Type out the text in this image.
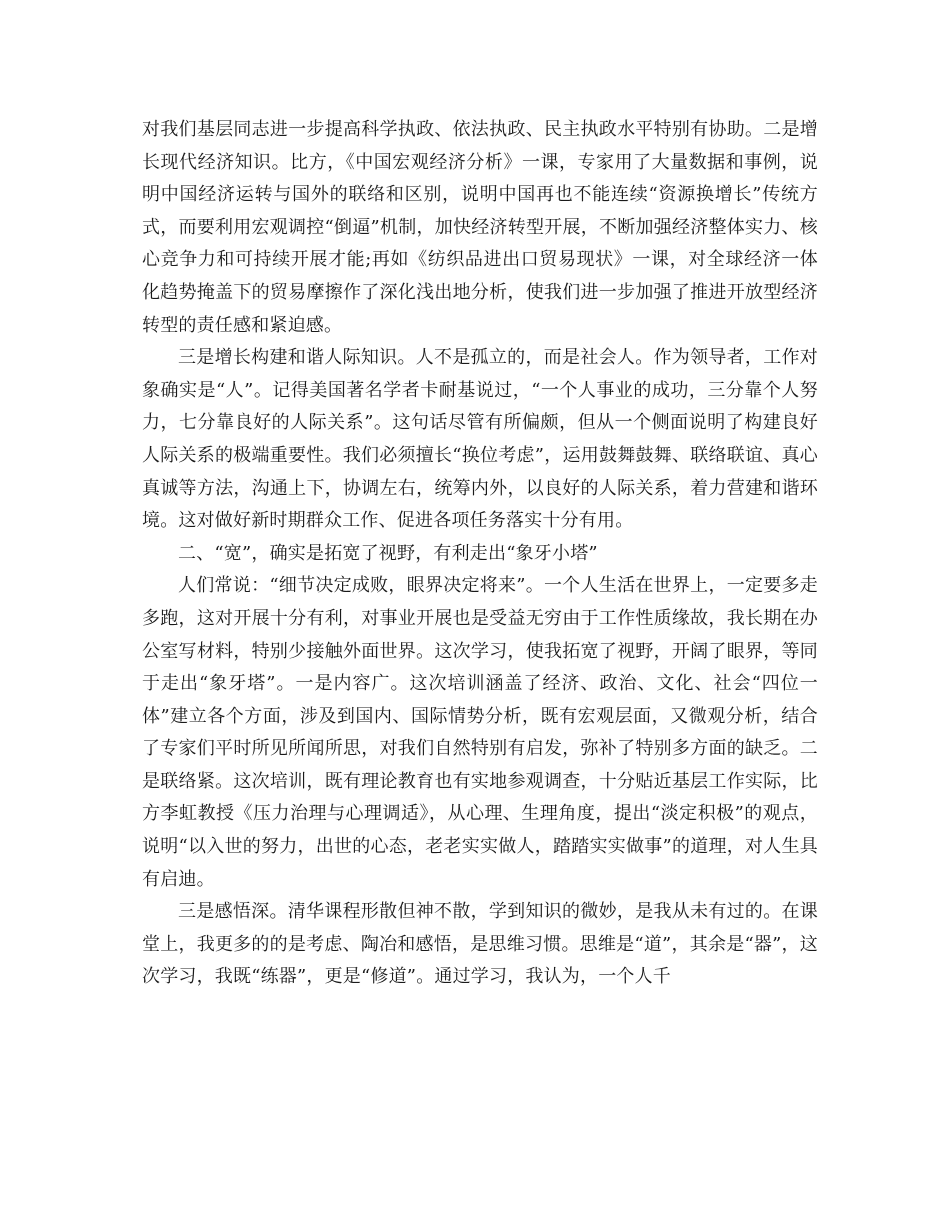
对我们基层同志进一步提高科学执政、依法执政、民主执政水平特别有协助。二是增长现代经济知识。比方，《中国宏观经济分析》一课，专家用了大量数据和事例，说明中国经济运转与国外的联络和区别，说明中国再也不能连续“资源换增长”传统方式，而要利用宏观调控“倒逼”机制，加快经济转型开展，不断加强经济整体实力、核心竞争力和可持续开展才能;再如《纺织品进出口贸易现状》一课，对全球经济一体化趋势掩盖下的贸易摩擦作了深化浅出地分析，使我们进一步加强了推进开放型经济转型的责任感和紧迫感。

三是增长构建和谐人际知识。人不是孤立的，而是社会人。作为领导者，工作对象确实是“人”。记得美国著名学者卡耐基说过，“一个人事业的成功，三分靠个人努力，七分靠良好的人际关系”。这句话尽管有所偏颇，但从一个侧面说明了构建良好人际关系的极端重要性。我们必须擅长“换位考虑”，运用鼓舞鼓舞、联络联谊、真心真诚等方法，沟通上下，协调左右，统筹内外，以良好的人际关系，着力营建和谐环境。这对做好新时期群众工作、促进各项任务落实十分有用。

二、“宽”，确实是拓宽了视野，有利走出“象牙小塔”

人们常说：“细节决定成败，眼界决定将来”。一个人生活在世界上，一定要多走多跑，这对开展十分有利，对事业开展也是受益无穷由于工作性质缘故，我长期在办公室写材料，特别少接触外面世界。这次学习，使我拓宽了视野，开阔了眼界，等同于走出“象牙塔”。一是内容广。这次培训涵盖了经济、政治、文化、社会“四位一体”建立各个方面，涉及到国内、国际情势分析，既有宏观层面，又微观分析，结合了专家们平时所见所闻所思，对我们自然特别有启发，弥补了特别多方面的缺乏。二是联络紧。这次培训，既有理论教育也有实地参观调查，十分贴近基层工作实际，比方李虹教授《压力治理与心理调适》，从心理、生理角度，提出“淡定积极”的观点，说明“以入世的努力，出世的心态，老老实实做人，踏踏实实做事”的道理，对人生具有启迪。

三是感悟深。清华课程形散但神不散，学到知识的微妙，是我从未有过的。在课堂上，我更多的的是考虑、陶冶和感悟，是思维习惯。思维是“道”，其余是“器”，这次学习，我既“练器”，更是“修道”。通过学习，我认为，一个人千
